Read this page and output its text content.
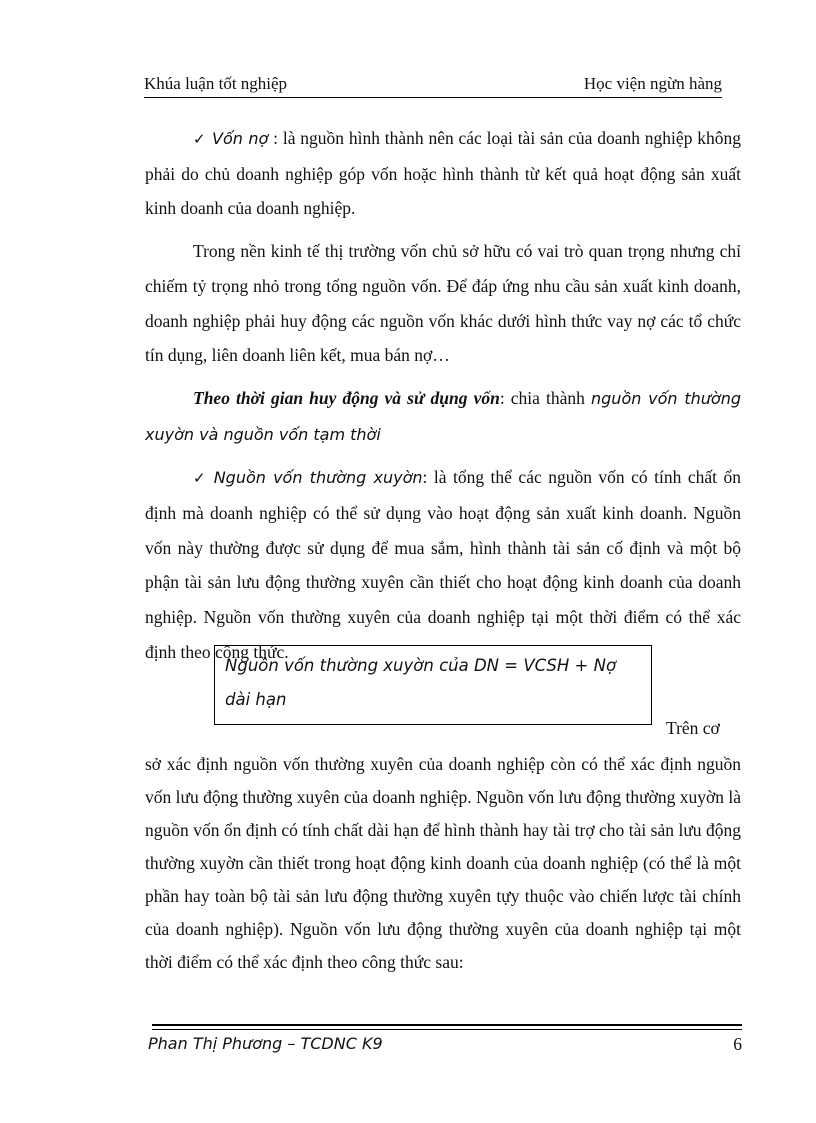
Khúa luận tốt nghiệp	Học viện ngừn hàng

✓ Vốn nợ : là nguồn hình thành nên các loại tài sản của doanh nghiệp không phải do chủ doanh nghiệp góp vốn hoặc hình thành từ kết quả hoạt động sản xuất kinh doanh của doanh nghiệp.

Trong nền kinh tế thị trường vốn chủ sở hữu có vai trò quan trọng nhưng chỉ chiếm tỷ trọng nhỏ trong tổng nguồn vốn. Để đáp ứng nhu cầu sản xuất kinh doanh, doanh nghiệp phải huy động các nguồn vốn khác dưới hình thức vay nợ các tổ chức tín dụng, liên doanh liên kết, mua bán nợ…

Theo thời gian huy động và sử dụng vốn: chia thành nguồn vốn thường xuyờn và nguồn vốn tạm thời

✓ Nguồn vốn thường xuyờn: là tổng thể các nguồn vốn có tính chất ổn định mà doanh nghiệp có thể sử dụng vào hoạt động sản xuất kinh doanh. Nguồn vốn này thường được sử dụng để mua sắm, hình thành tài sản cố định và một bộ phận tài sản lưu động thường xuyên cần thiết cho hoạt động kinh doanh của doanh nghiệp. Nguồn vốn thường xuyên của doanh nghiệp tại một thời điểm có thể xác định theo công thức.

Nguồn vốn thường xuyờn của DN = VCSH + Nợ dài hạn
Trên cơ

sở xác định nguồn vốn thường xuyên của doanh nghiệp còn có thể xác định nguồn vốn lưu động thường xuyên của doanh nghiệp. Nguồn vốn lưu động thường xuyờn là nguồn vốn ổn định có tính chất dài hạn để hình thành hay tài trợ cho tài sản lưu động thường xuyờn cần thiết trong hoạt động kinh doanh của doanh nghiệp (có thể là một phần hay toàn bộ tài sản lưu động thường xuyên tựy thuộc vào chiến lược tài chính của doanh nghiệp). Nguồn vốn lưu động thường xuyên của doanh nghiệp tại một thời điểm có thể xác định theo công thức sau:

Phan Thị Phương – TCDNC K9	6
